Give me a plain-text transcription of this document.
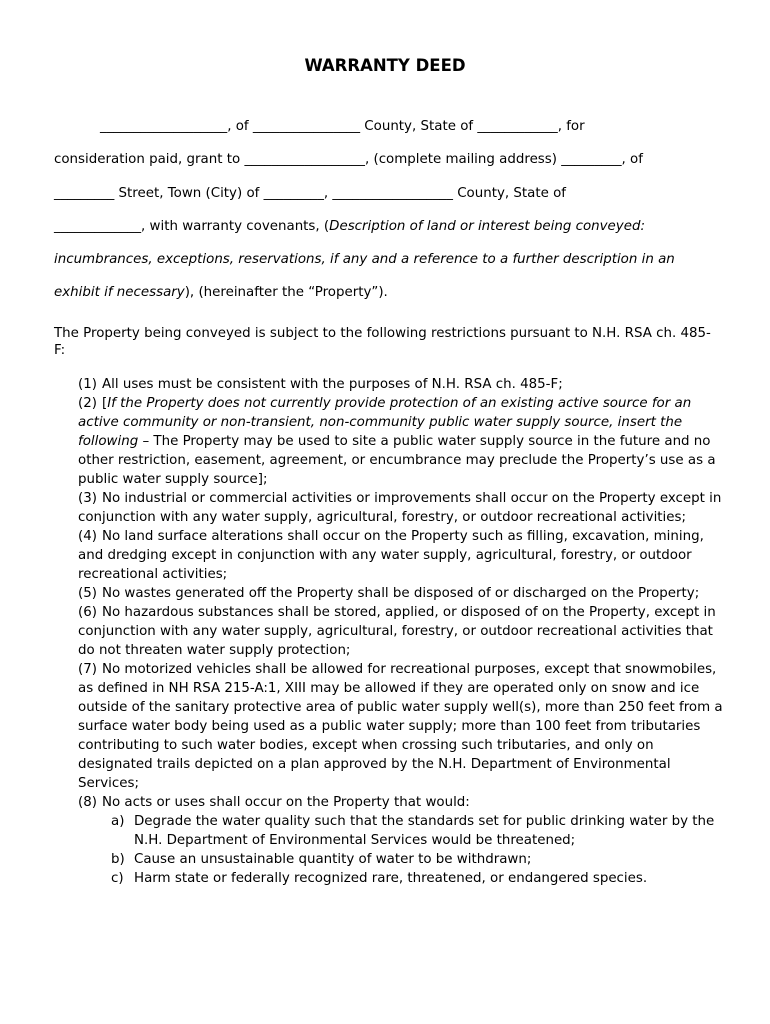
WARRANTY DEED
___________________, of ________________ County, State of ____________, for
consideration paid, grant to __________________, (complete mailing address) _________, of
_________ Street, Town (City) of _________, __________________ County, State of
_____________, with warranty covenants, (Description of land or interest being conveyed:
incumbrances, exceptions, reservations, if any and a reference to a further description in an
exhibit if necessary), (hereinafter the “Property”).

The Property being conveyed is subject to the following restrictions pursuant to N.H. RSA ch. 485-F:

(1) All uses must be consistent with the purposes of N.H. RSA ch. 485-F;
(2) [If the Property does not currently provide protection of an existing active source for an active community or non-transient, non-community public water supply source, insert the following – The Property may be used to site a public water supply source in the future and no other restriction, easement, agreement, or encumbrance may preclude the Property’s use as a public water supply source];
(3) No industrial or commercial activities or improvements shall occur on the Property except in conjunction with any water supply, agricultural, forestry, or outdoor recreational activities;
(4) No land surface alterations shall occur on the Property such as filling, excavation, mining, and dredging except in conjunction with any water supply, agricultural, forestry, or outdoor recreational activities;
(5) No wastes generated off the Property shall be disposed of or discharged on the Property;
(6) No hazardous substances shall be stored, applied, or disposed of on the Property, except in conjunction with any water supply, agricultural, forestry, or outdoor recreational activities that do not threaten water supply protection;
(7) No motorized vehicles shall be allowed for recreational purposes, except that snowmobiles, as defined in NH RSA 215-A:1, XIII may be allowed if they are operated only on snow and ice outside of the sanitary protective area of public water supply well(s), more than 250 feet from a surface water body being used as a public water supply; more than 100 feet from tributaries contributing to such water bodies, except when crossing such tributaries, and only on designated trails depicted on a plan approved by the N.H. Department of Environmental Services;
(8) No acts or uses shall occur on the Property that would:
a) Degrade the water quality such that the standards set for public drinking water by the N.H. Department of Environmental Services would be threatened;
b) Cause an unsustainable quantity of water to be withdrawn;
c) Harm state or federally recognized rare, threatened, or endangered species.
